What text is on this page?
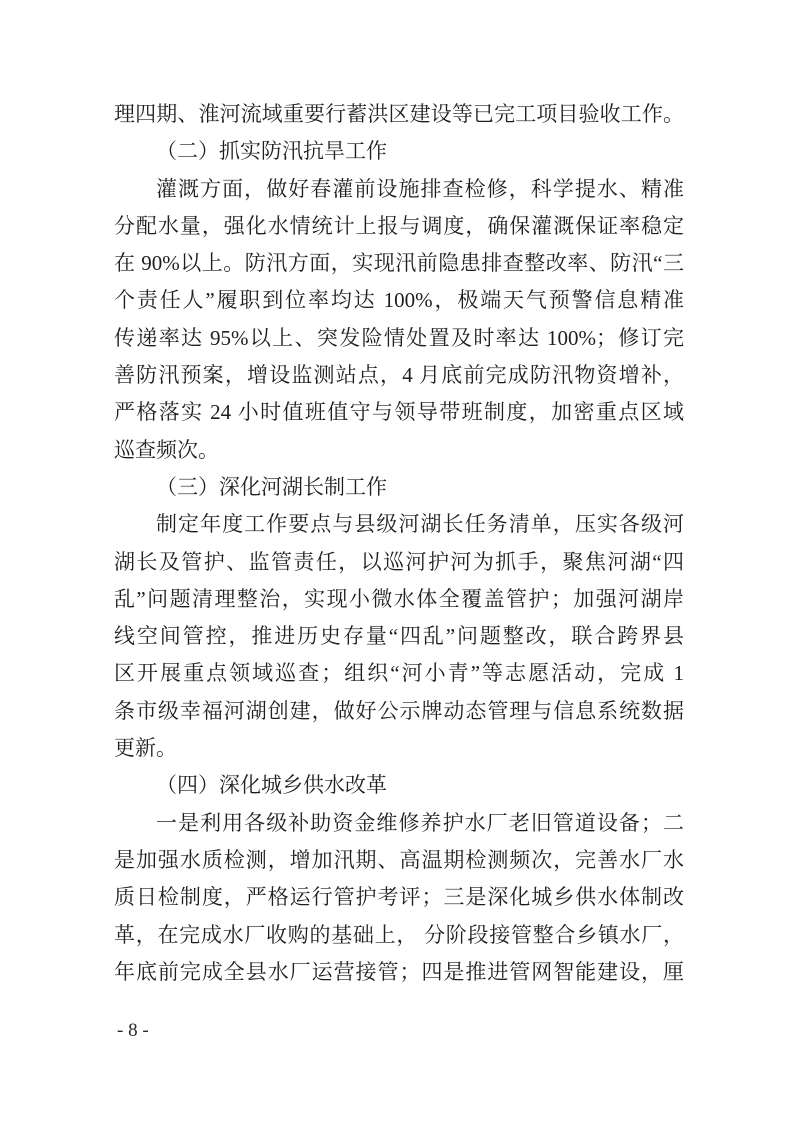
理四期、淮河流域重要行蓄洪区建设等已完工项目验收工作。
（二）抓实防汛抗旱工作
灌溉方面，做好春灌前设施排查检修，科学提水、精准
分配水量，强化水情统计上报与调度，确保灌溉保证率稳定
在 90%以上。防汛方面，实现汛前隐患排查整改率、防汛“三
个责任人”履职到位率均达 100%，极端天气预警信息精准
传递率达 95%以上、突发险情处置及时率达 100%；修订完
善防汛预案，增设监测站点，4 月底前完成防汛物资增补，
严格落实 24 小时值班值守与领导带班制度，加密重点区域
巡查频次。
（三）深化河湖长制工作
制定年度工作要点与县级河湖长任务清单，压实各级河
湖长及管护、监管责任，以巡河护河为抓手，聚焦河湖“四
乱”问题清理整治，实现小微水体全覆盖管护；加强河湖岸
线空间管控，推进历史存量“四乱”问题整改，联合跨界县
区开展重点领域巡查；组织“河小青”等志愿活动，完成 1
条市级幸福河湖创建，做好公示牌动态管理与信息系统数据
更新。
（四）深化城乡供水改革
一是利用各级补助资金维修养护水厂老旧管道设备；二
是加强水质检测，增加汛期、高温期检测频次，完善水厂水
质日检制度，严格运行管护考评；三是深化城乡供水体制改
革，在完成水厂收购的基础上， 分阶段接管整合乡镇水厂，
年底前完成全县水厂运营接管；四是推进管网智能建设，厘
- 8 -
